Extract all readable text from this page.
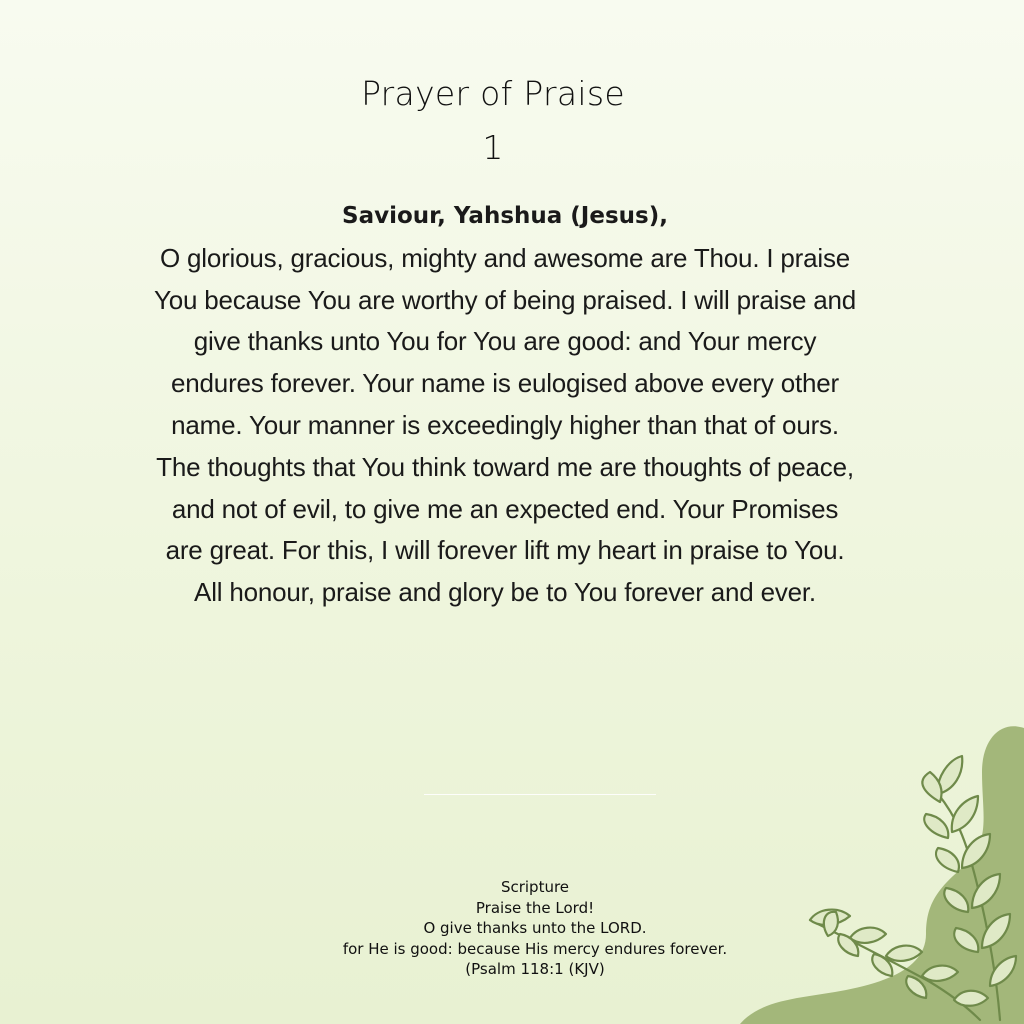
Prayer of Praise
1
Saviour, Yahshua (Jesus),
O glorious, gracious, mighty and awesome are Thou. I praise You because You are worthy of being praised. I will praise and give thanks unto You for You are good: and Your mercy endures forever. Your name is eulogised above every other name. Your manner is exceedingly higher than that of ours. The thoughts that You think toward me are thoughts of peace, and not of evil, to give me an expected end. Your Promises are great. For this, I will forever lift my heart in praise to You.
All honour, praise and glory be to You forever and ever.
Scripture
Praise the Lord!
O give thanks unto the LORD.
for He is good: because His mercy endures forever.
(Psalm 118:1 (KJV)
